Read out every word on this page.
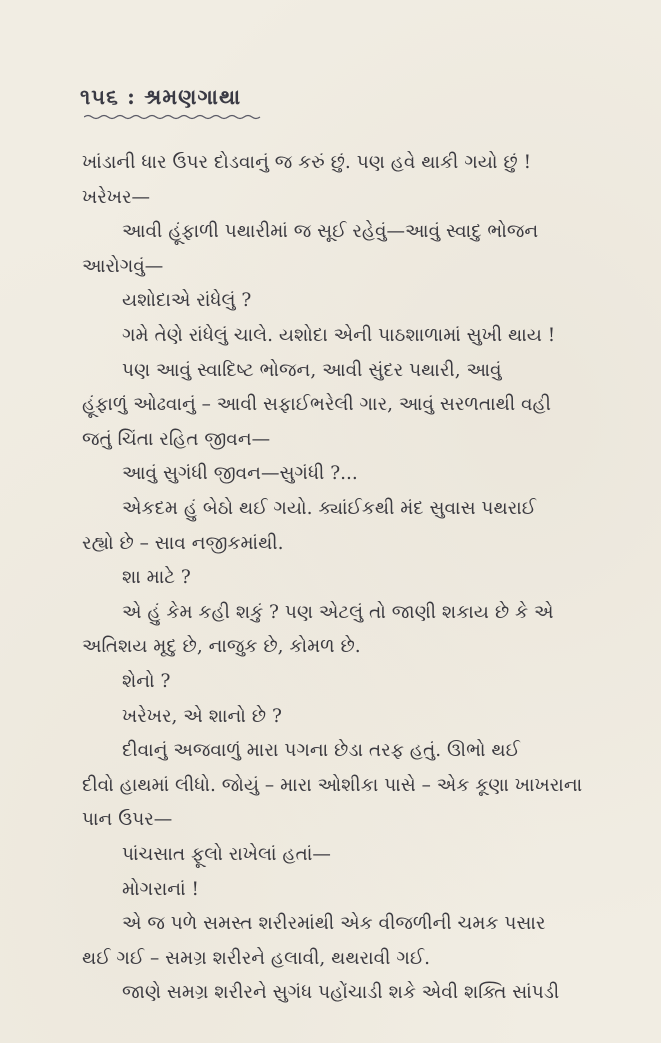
૧૫૬ : શ્રમણગાથા
ખાંડાની ધાર ઉપર દોડવાનું જ કરું છું. પણ હવે થાકી ગયો છું !
ખરેખર—
આવી હૂંફાળી પથારીમાં જ સૂઈ રહેવું—આવું સ્વાદુ ભોજન
આરોગવું—
યશોદાએ રાંધેલું ?
ગમે તેણે રાંધેલું ચાલે. યશોદા એની પાઠશાળામાં સુખી થાય !
પણ આવું સ્વાદિષ્ટ ભોજન, આવી સુંદર પથારી, આવું
હૂંફાળું ઓઢવાનું – આવી સફાઈભરેલી ગાર, આવું સરળતાથી વહી
જતું ચિંતા રહિત જીવન—
આવું સુગંધી જીવન—સુગંધી ?...
એકદમ હું બેઠો થઈ ગયો. ક્યાંઈકથી મંદ સુવાસ પથરાઈ
રહ્યો છે – સાવ નજીકમાંથી.
શા માટે ?
એ હું કેમ કહી શકું ? પણ એટલું તો જાણી શકાય છે કે એ
અતિશય મૃદુ છે, નાજુક છે, કોમળ છે.
શેનો ?
ખરેખર, એ શાનો છે ?
દીવાનું અજવાળું મારા પગના છેડા તરફ હતું. ઊભો થઈ
દીવો હાથમાં લીધો. જોયું – મારા ઓશીકા પાસે – એક કૂણા ખાખરાના
પાન ઉપર—
પાંચસાત ફૂલો રાખેલાં હતાં—
મોગરાનાં !
એ જ પળે સમસ્ત શરીરમાંથી એક વીજળીની ચમક પસાર
થઈ ગઈ – સમગ્ર શરીરને હલાવી, થથરાવી ગઈ.
જાણે સમગ્ર શરીરને સુગંધ પહોંચાડી શકે એવી શક્તિ સાંપડી
